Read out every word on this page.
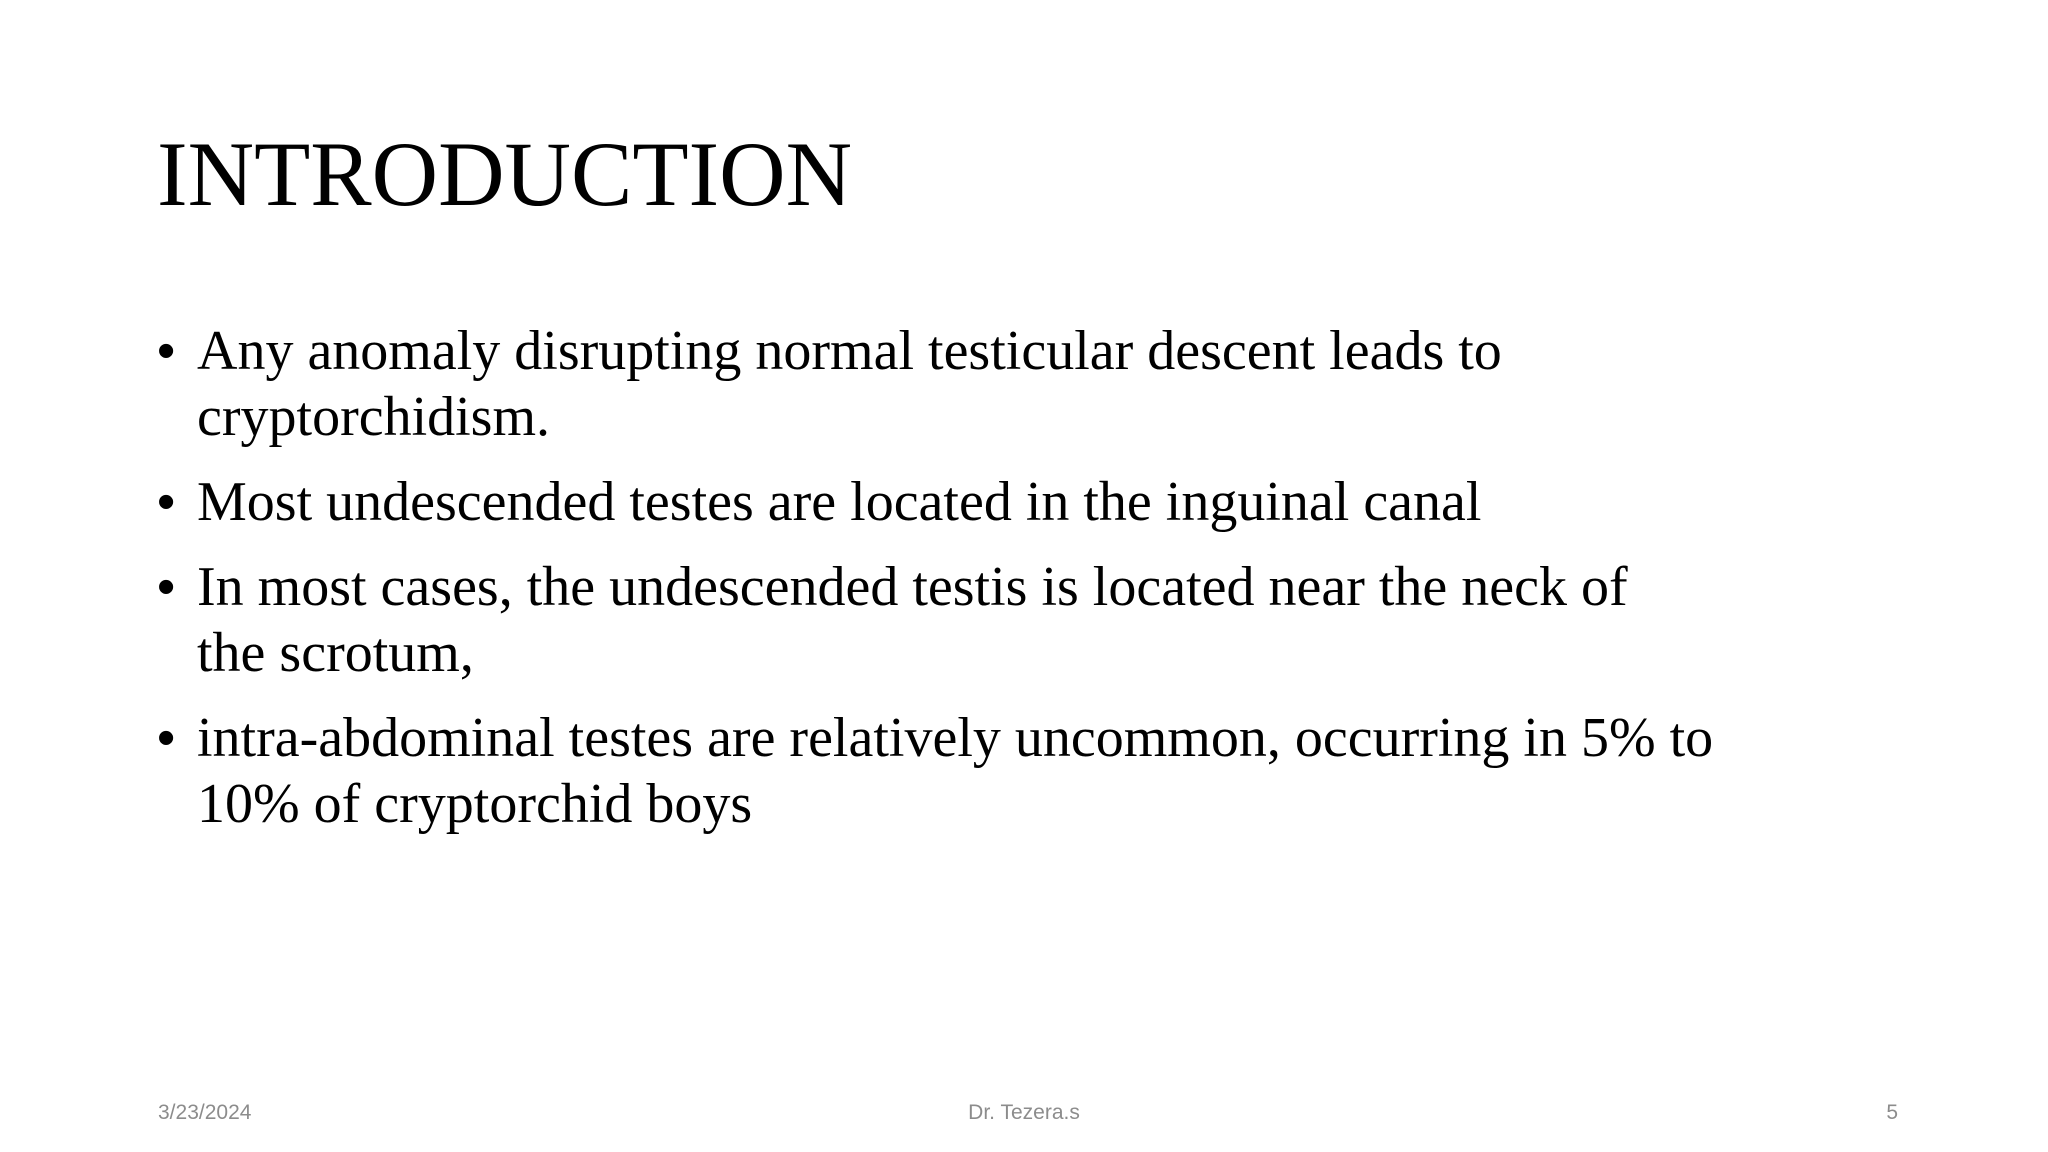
INTRODUCTION
• Any anomaly disrupting normal testicular descent leads to
cryptorchidism.
• Most undescended testes are located in the inguinal canal
• In most cases, the undescended testis is located near the neck of
the scrotum,
• intra-abdominal testes are relatively uncommon, occurring in 5% to
10% of cryptorchid boys
3/23/2024	Dr. Tezera.s	5
